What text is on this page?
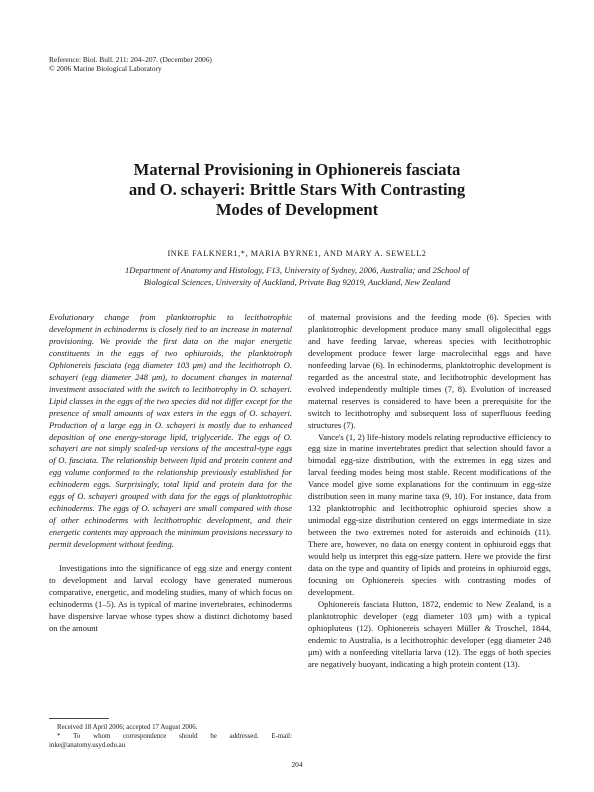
Reference: Biol. Bull. 211: 204–207. (December 2006)
© 2006 Marine Biological Laboratory
Maternal Provisioning in Ophionereis fasciata
and O. schayeri: Brittle Stars With Contrasting
Modes of Development
INKE FALKNER1,*, MARIA BYRNE1, AND MARY A. SEWELL2
1Department of Anatomy and Histology, F13, University of Sydney, 2006, Australia; and 2School of
Biological Sciences, University of Auckland, Private Bag 92019, Auckland, New Zealand
Evolutionary change from planktotrophic to lecithotrophic development in echinoderms is closely tied to an increase in maternal provisioning. We provide the first data on the major energetic constituents in the eggs of two ophiuroids, the planktotroph Ophionereis fasciata (egg diameter 103 μm) and the lecithotroph O. schayeri (egg diameter 248 μm), to document changes in maternal investment associated with the switch to lecithotrophy in O. schayeri. Lipid classes in the eggs of the two species did not differ except for the presence of small amounts of wax esters in the eggs of O. schayeri. Production of a large egg in O. schayeri is mostly due to enhanced deposition of one energy-storage lipid, triglyceride. The eggs of O. schayeri are not simply scaled-up versions of the ancestral-type eggs of O. fasciata. The relationship between lipid and protein content and egg volume conformed to the relationship previously established for echinoderm eggs. Surprisingly, total lipid and protein data for the eggs of O. schayeri grouped with data for the eggs of planktotrophic echinoderms. The eggs of O. schayeri are small compared with those of other echinoderms with lecithotrophic development, and their energetic contents may approach the minimum provisions necessary to permit development without feeding.

Investigations into the significance of egg size and energy content to development and larval ecology have generated numerous comparative, energetic, and modeling studies, many of which focus on echinoderms (1–5). As is typical of marine invertebrates, echinoderms have dispersive larvae whose types show a distinct dichotomy based on the amount

of maternal provisions and the feeding mode (6). Species with planktotrophic development produce many small oligolecithal eggs and have feeding larvae, whereas species with lecithotrophic development produce fewer large macrolecithal eggs and have nonfeeding larvae (6). In echinoderms, planktotrophic development is regarded as the ancestral state, and lecithotrophic development has evolved independently multiple times (7, 8). Evolution of increased maternal reserves is considered to have been a prerequisite for the switch to lecithotrophy and subsequent loss of superfluous feeding structures (7).

Vance's (1, 2) life-history models relating reproductive efficiency to egg size in marine invertebrates predict that selection should favor a bimodal egg-size distribution, with the extremes in egg sizes and larval feeding modes being most stable. Recent modifications of the Vance model give some explanations for the continuum in egg-size distribution seen in many marine taxa (9, 10). For instance, data from 132 planktotrophic and lecithotrophic ophiuroid species show a unimodal egg-size distribution centered on eggs intermediate in size between the two extremes noted for asteroids and echinoids (11). There are, however, no data on energy content in ophiuroid eggs that would help us interpret this egg-size pattern. Here we provide the first data on the type and quantity of lipids and proteins in ophiuroid eggs, focusing on Ophionereis species with contrasting modes of development.

Ophionereis fasciata Hutton, 1872, endemic to New Zealand, is a planktotrophic developer (egg diameter 103 μm) with a typical ophiopluteus (12). Ophionereis schayeri Müller & Troschel, 1844, endemic to Australia, is a lecithotrophic developer (egg diameter 248 μm) with a nonfeeding vitellaria larva (12). The eggs of both species are negatively buoyant, indicating a high protein content (13).

Received 18 April 2006; accepted 17 August 2006.
* To whom correspondence should be addressed. E-mail: inke@anatomy.usyd.edu.au
204
